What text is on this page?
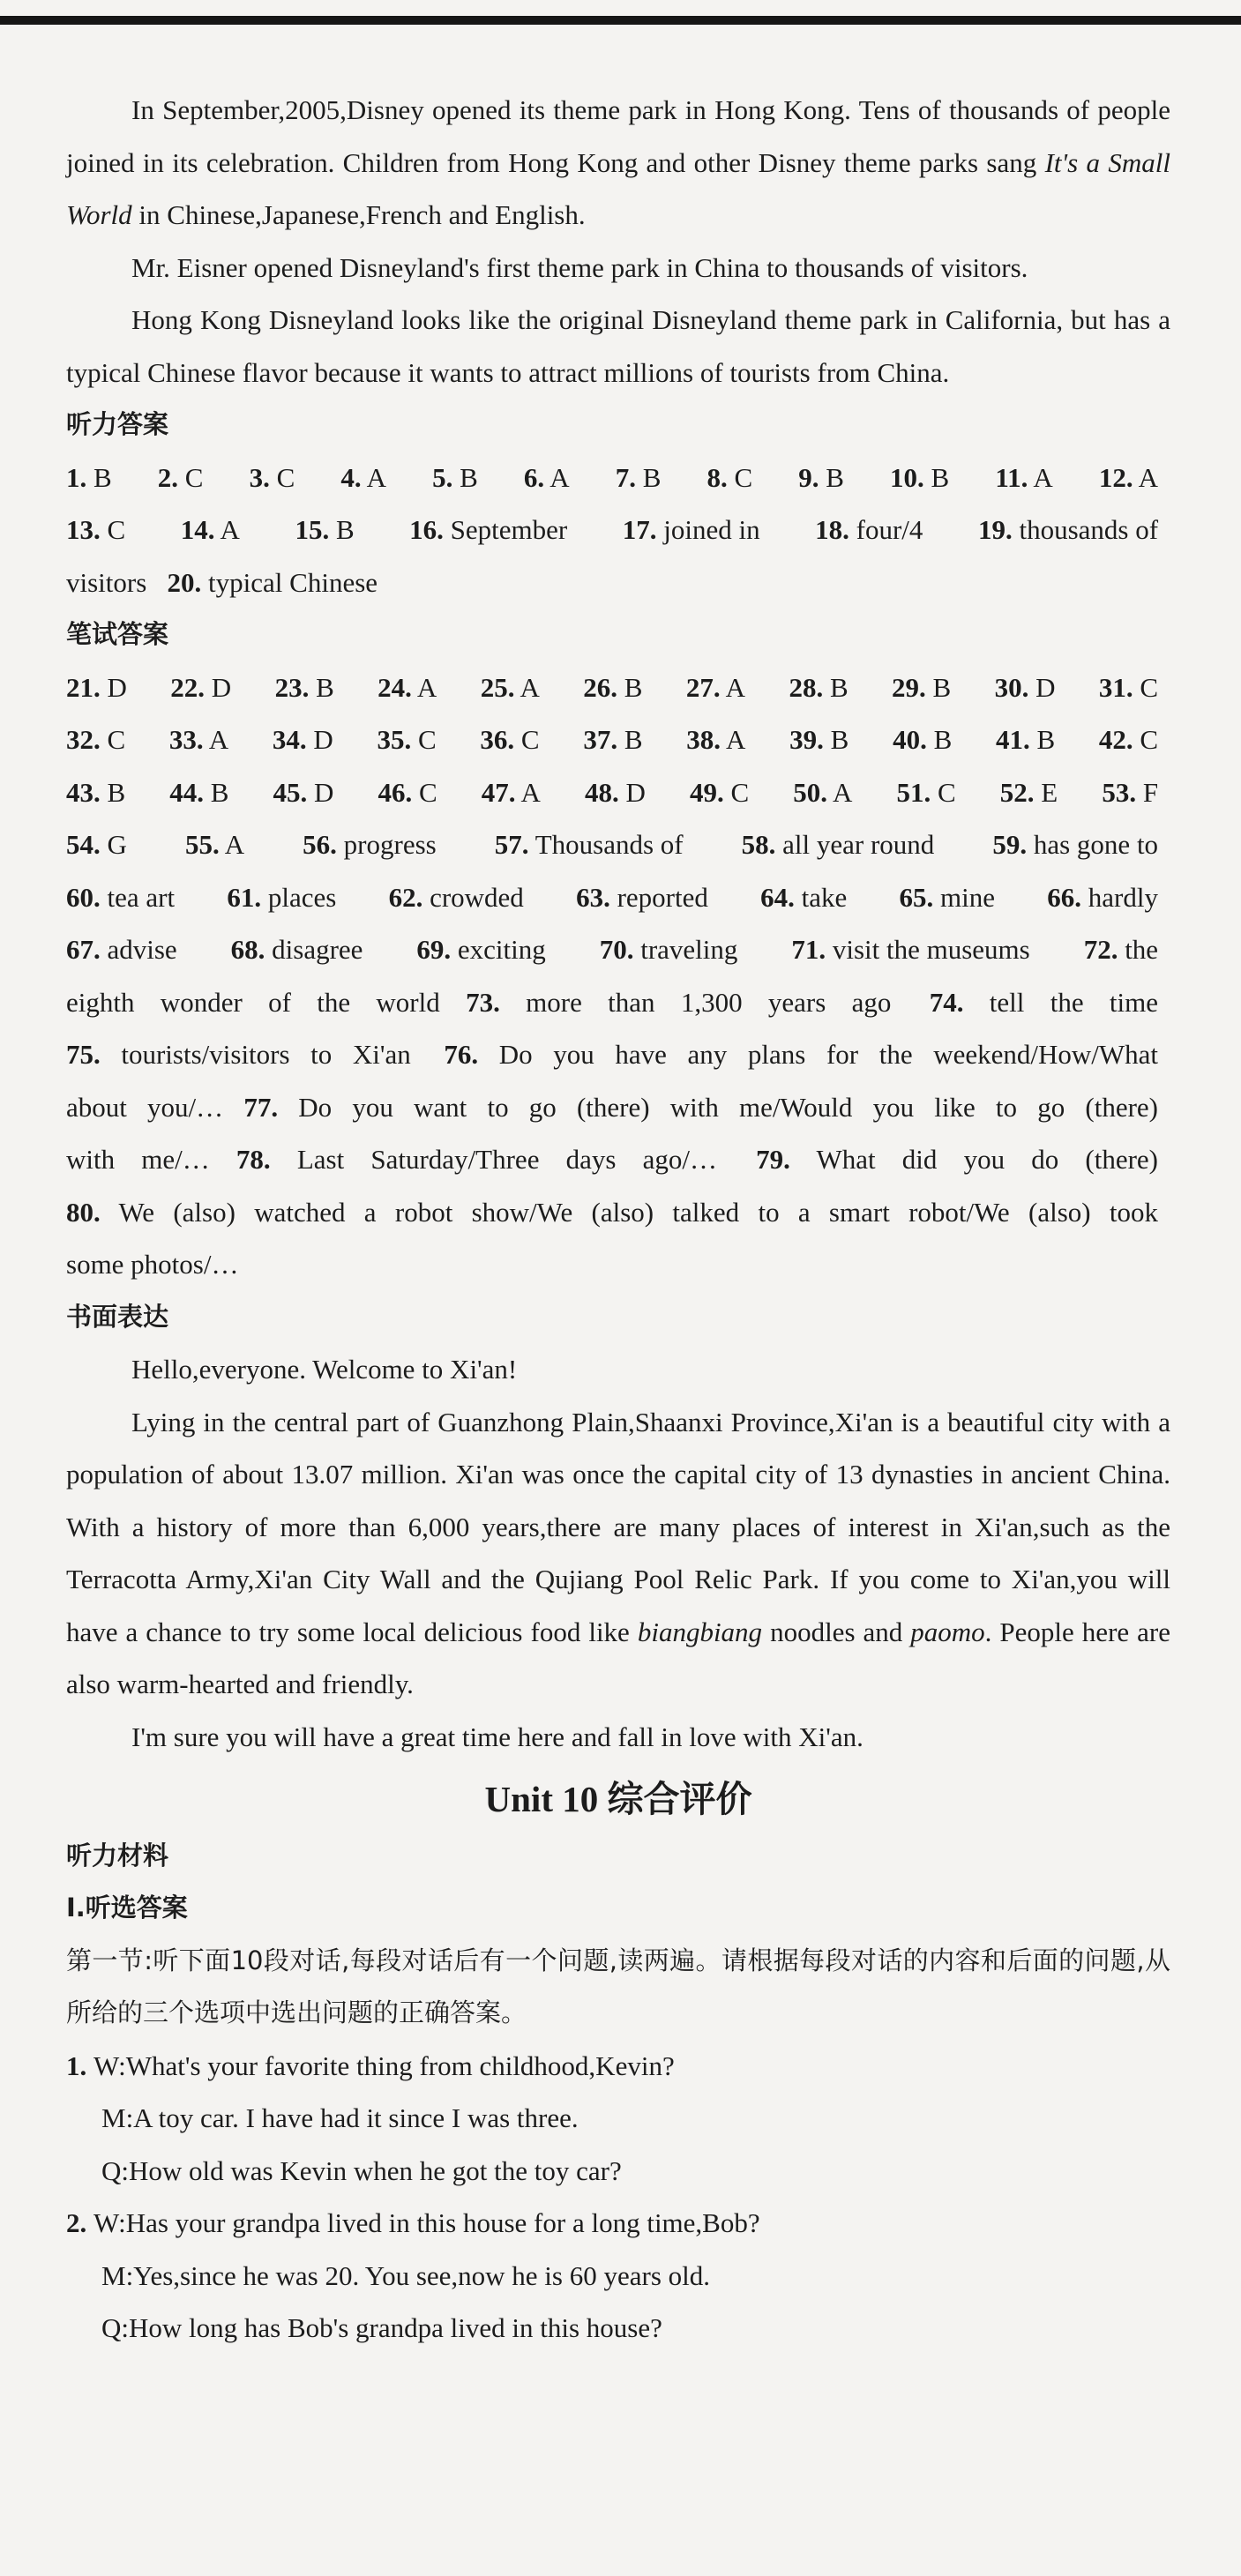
In September,2005,Disney opened its theme park in Hong Kong. Tens of thousands of people joined in its celebration. Children from Hong Kong and other Disney theme parks sang It's a Small World in Chinese,Japanese,French and English.

Mr. Eisner opened Disneyland's first theme park in China to thousands of visitors.

Hong Kong Disneyland looks like the original Disneyland theme park in California, but has a typical Chinese flavor because it wants to attract millions of tourists from China.

听力答案

1. B 2. C 3. C 4. A 5. B 6. A 7. B 8. C 9. B 10. B 11. A 12. A

13. C 14. A 15. B 16. September 17. joined in 18. four/4 19. thousands of

visitors 20. typical Chinese

笔试答案

21. D 22. D 23. B 24. A 25. A 26. B 27. A 28. B 29. B 30. D 31. C

32. C 33. A 34. D 35. C 36. C 37. B 38. A 39. B 40. B 41. B 42. C

43. B 44. B 45. D 46. C 47. A 48. D 49. C 50. A 51. C 52. E 53. F

54. G 55. A 56. progress 57. Thousands of 58. all year round 59. has gone to

60. tea art 61. places 62. crowded 63. reported 64. take 65. mine 66. hardly

67. advise 68. disagree 69. exciting 70. traveling 71. visit the museums 72. the

eighth wonder of the world 73. more than 1,300 years ago 74. tell the time

75. tourists/visitors to Xi'an 76. Do you have any plans for the weekend/How/What

about you/… 77. Do you want to go (there) with me/Would you like to go (there)

with me/… 78. Last Saturday/Three days ago/… 79. What did you do (there)

80. We (also) watched a robot show/We (also) talked to a smart robot/We (also) took

some photos/…

书面表达

Hello,everyone. Welcome to Xi'an!

Lying in the central part of Guanzhong Plain,Shaanxi Province,Xi'an is a beautiful city with a population of about 13.07 million. Xi'an was once the capital city of 13 dynasties in ancient China. With a history of more than 6,000 years,there are many places of interest in Xi'an,such as the Terracotta Army,Xi'an City Wall and the Qujiang Pool Relic Park. If you come to Xi'an,you will have a chance to try some local delicious food like biangbiang noodles and paomo. People here are also warm-hearted and friendly.

I'm sure you will have a great time here and fall in love with Xi'an.

Unit 10 综合评价

听力材料

Ⅰ.听选答案

第一节:听下面10段对话,每段对话后有一个问题,读两遍。请根据每段对话的内容和后面的问题,从所给的三个选项中选出问题的正确答案。

1. W:What's your favorite thing from childhood,Kevin?

M:A toy car. I have had it since I was three.

Q:How old was Kevin when he got the toy car?

2. W:Has your grandpa lived in this house for a long time,Bob?

M:Yes,since he was 20. You see,now he is 60 years old.

Q:How long has Bob's grandpa lived in this house?
